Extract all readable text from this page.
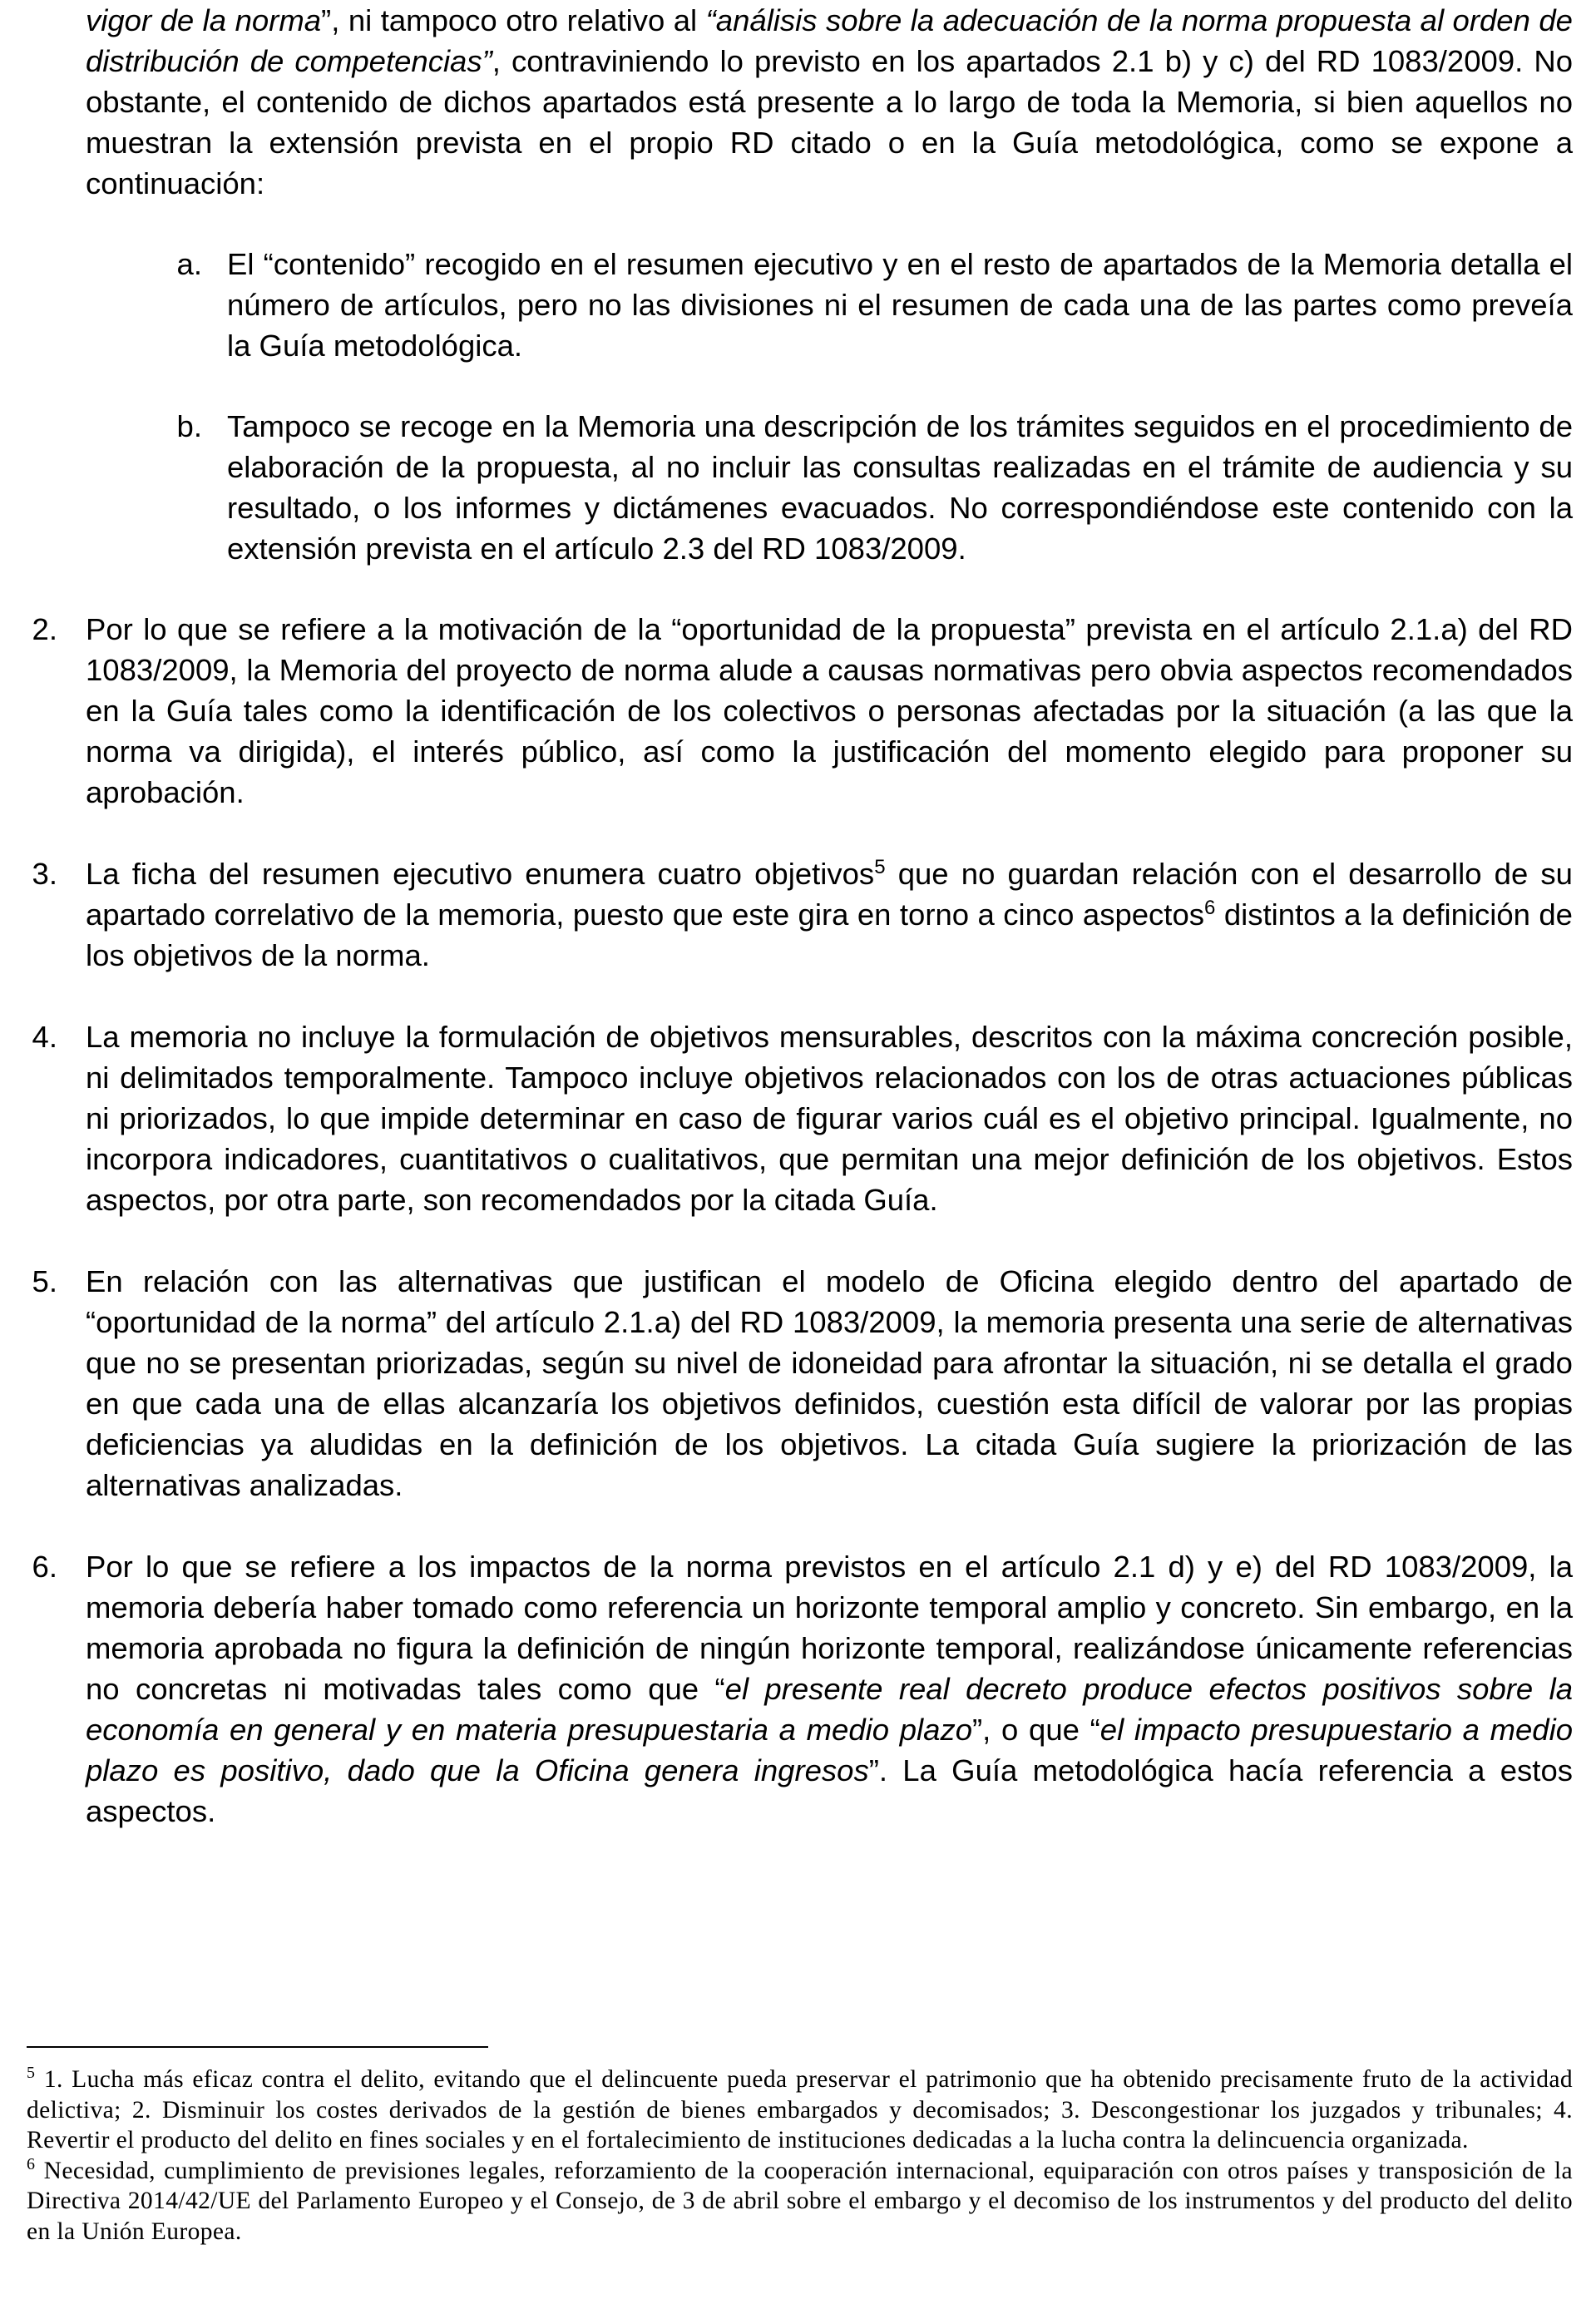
vigor de la norma”, ni tampoco otro relativo al “análisis sobre la adecuación de la norma propuesta al orden de distribución de competencias”, contraviniendo lo previsto en los apartados 2.1 b) y c) del RD 1083/2009. No obstante, el contenido de dichos apartados está presente a lo largo de toda la Memoria, si bien aquellos no muestran la extensión prevista en el propio RD citado o en la Guía metodológica, como se expone a continuación:

a. El “contenido” recogido en el resumen ejecutivo y en el resto de apartados de la Memoria detalla el número de artículos, pero no las divisiones ni el resumen de cada una de las partes como preveía la Guía metodológica.

b. Tampoco se recoge en la Memoria una descripción de los trámites seguidos en el procedimiento de elaboración de la propuesta, al no incluir las consultas realizadas en el trámite de audiencia y su resultado, o los informes y dictámenes evacuados. No correspondiéndose este contenido con la extensión prevista en el artículo 2.3 del RD 1083/2009.

2. Por lo que se refiere a la motivación de la “oportunidad de la propuesta” prevista en el artículo 2.1.a) del RD 1083/2009, la Memoria del proyecto de norma alude a causas normativas pero obvia aspectos recomendados en la Guía tales como la identificación de los colectivos o personas afectadas por la situación (a las que la norma va dirigida), el interés público, así como la justificación del momento elegido para proponer su aprobación.

3. La ficha del resumen ejecutivo enumera cuatro objetivos$^5$ que no guardan relación con el desarrollo de su apartado correlativo de la memoria, puesto que este gira en torno a cinco aspectos$^6$ distintos a la definición de los objetivos de la norma.

4. La memoria no incluye la formulación de objetivos mensurables, descritos con la máxima concreción posible, ni delimitados temporalmente. Tampoco incluye objetivos relacionados con los de otras actuaciones públicas ni priorizados, lo que impide determinar en caso de figurar varios cuál es el objetivo principal. Igualmente, no incorpora indicadores, cuantitativos o cualitativos, que permitan una mejor definición de los objetivos. Estos aspectos, por otra parte, son recomendados por la citada Guía.

5. En relación con las alternativas que justifican el modelo de Oficina elegido dentro del apartado de “oportunidad de la norma” del artículo 2.1.a) del RD 1083/2009, la memoria presenta una serie de alternativas que no se presentan priorizadas, según su nivel de idoneidad para afrontar la situación, ni se detalla el grado en que cada una de ellas alcanzaría los objetivos definidos, cuestión esta difícil de valorar por las propias deficiencias ya aludidas en la definición de los objetivos. La citada Guía sugiere la priorización de las alternativas analizadas.

6. Por lo que se refiere a los impactos de la norma previstos en el artículo 2.1 d) y e) del RD 1083/2009, la memoria debería haber tomado como referencia un horizonte temporal amplio y concreto. Sin embargo, en la memoria aprobada no figura la definición de ningún horizonte temporal, realizándose únicamente referencias no concretas ni motivadas tales como que “el presente real decreto produce efectos positivos sobre la economía en general y en materia presupuestaria a medio plazo”, o que “el impacto presupuestario a medio plazo es positivo, dado que la Oficina genera ingresos”. La Guía metodológica hacía referencia a estos aspectos.

$^5$ 1. Lucha más eficaz contra el delito, evitando que el delincuente pueda preservar el patrimonio que ha obtenido precisamente fruto de la actividad delictiva; 2. Disminuir los costes derivados de la gestión de bienes embargados y decomisados; 3. Descongestionar los juzgados y tribunales; 4. Revertir el producto del delito en fines sociales y en el fortalecimiento de instituciones dedicadas a la lucha contra la delincuencia organizada.

$^6$ Necesidad, cumplimiento de previsiones legales, reforzamiento de la cooperación internacional, equiparación con otros países y transposición de la Directiva 2014/42/UE del Parlamento Europeo y el Consejo, de 3 de abril sobre el embargo y el decomiso de los instrumentos y del producto del delito en la Unión Europea.
